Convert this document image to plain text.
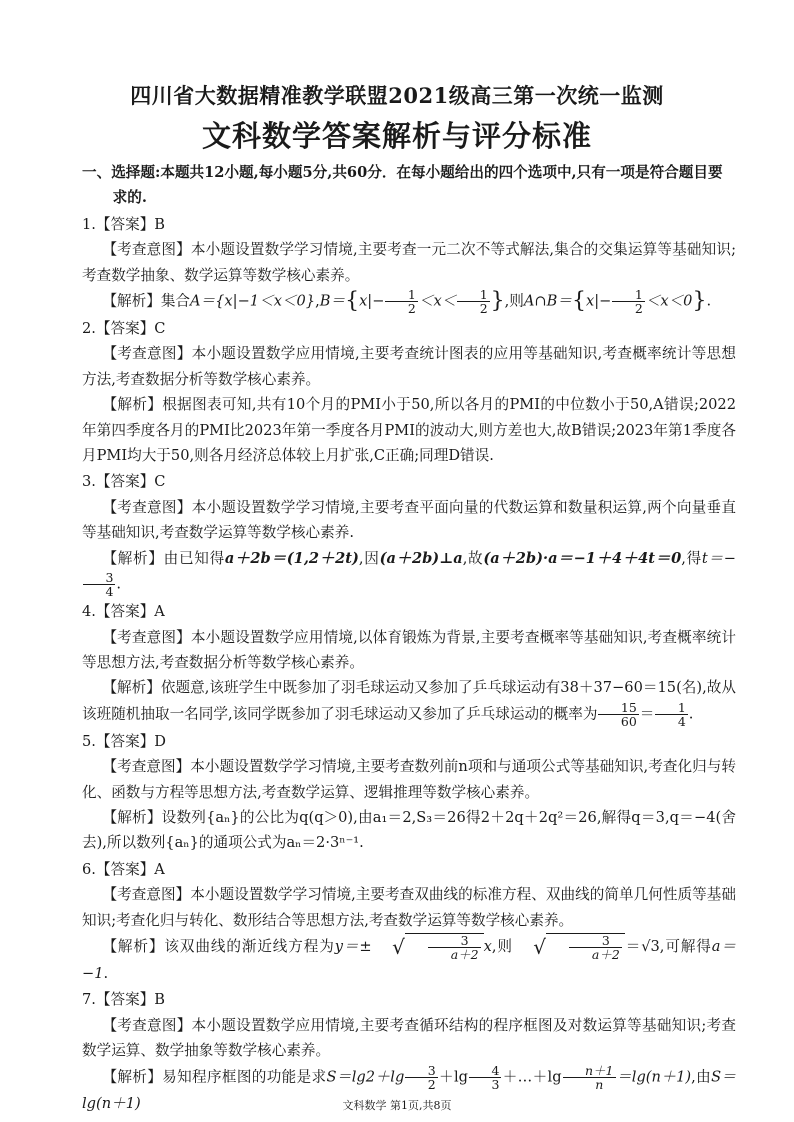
四川省大数据精准教学联盟2021级高三第一次统一监测
文科数学答案解析与评分标准
一、选择题:本题共12小题,每小题5分,共60分．在每小题给出的四个选项中,只有一项是符合题目要求的.
1.【答案】B
【考查意图】本小题设置数学学习情境,主要考查一元二次不等式解法,集合的交集运算等基础知识;考查数学抽象、数学运算等数学核心素养。
【解析】集合$A=\{x|-1<x<0\},B=\{x|- \frac{1}{2} <x< \frac{1}{2}$ },则A∩B＝{x|− $\frac{1}{2} <x<0$}.
2.【答案】C
【考查意图】本小题设置数学应用情境,主要考查统计图表的应用等基础知识,考查概率统计等思想方法,考查数据分析等数学核心素养。
【解析】根据图表可知,共有10个月的PMI小于50,所以各月的PMI的中位数小于50,A错误;2022年第四季度各月的PMI比2023年第一季度各月PMI的波动大,则方差也大,故B错误;2023年第1季度各月PMI均大于50,则各月经济总体较上月扩张,C正确;同理D错误.
3.【答案】C
【考查意图】本小题设置数学学习情境,主要考查平面向量的代数运算和数量积运算,两个向量垂直等基础知识,考查数学运算等数学核心素养.
【解析】由已知得a＋2b＝(1,2＋2t),因(a＋2b)⊥a,故(a＋2b)·a＝−1＋4＋4t＝0,得t＝−
$\frac{3}{4}$ .
4.【答案】A
【考查意图】本小题设置数学应用情境,以体育锻炼为背景,主要考查概率等基础知识,考查概率统计等思想方法,考查数据分析等数学核心素养。
【解析】依题意,该班学生中既参加了羽毛球运动又参加了乒乓球运动有38＋37−60＝15(名),故从该班随机抽取一名同学,该同学既参加了羽毛球运动又参加了乒乓球运动的概率为 $\frac{15}{60} = \frac{1}{4}$ .
5.【答案】D
【考查意图】本小题设置数学学习情境,主要考查数列前n项和与通项公式等基础知识,考查化归与转化、函数与方程等思想方法,考查数学运算、逻辑推理等数学核心素养。
【解析】设数列{aₙ}的公比为q(q＞0),由a₁＝2,S₃＝26得2＋2q＋2q²＝26,解得q＝3,q＝−4(舍去),所以数列{aₙ}的通项公式为aₙ＝2·3ⁿ⁻¹.
6.【答案】A
【考查意图】本小题设置数学学习情境,主要考查双曲线的标准方程、双曲线的简单几何性质等基础知识;考查化归与转化、数形结合等思想方法,考查数学运算等数学核心素养。
【解析】该双曲线的渐近线方程为y＝±	√ $\frac{3}{a+2} x$,则	√ $\frac{3}{a+2} =√3$,可解得a＝−1.
7.【答案】B
【考查意图】本小题设置数学应用情境,主要考查循环结构的程序框图及对数运算等基础知识;考查数学运算、数学抽象等数学核心素养。
【解析】易知程序框图的功能是求$S=\lg 2+\lg \frac{3}{2} +\lg \frac{4}{3}$ ＋…＋lg $\frac{n+1}{n} =\lg(n+1)$,由S＝lg(n＋1)	文科数学 第1页,共8页
